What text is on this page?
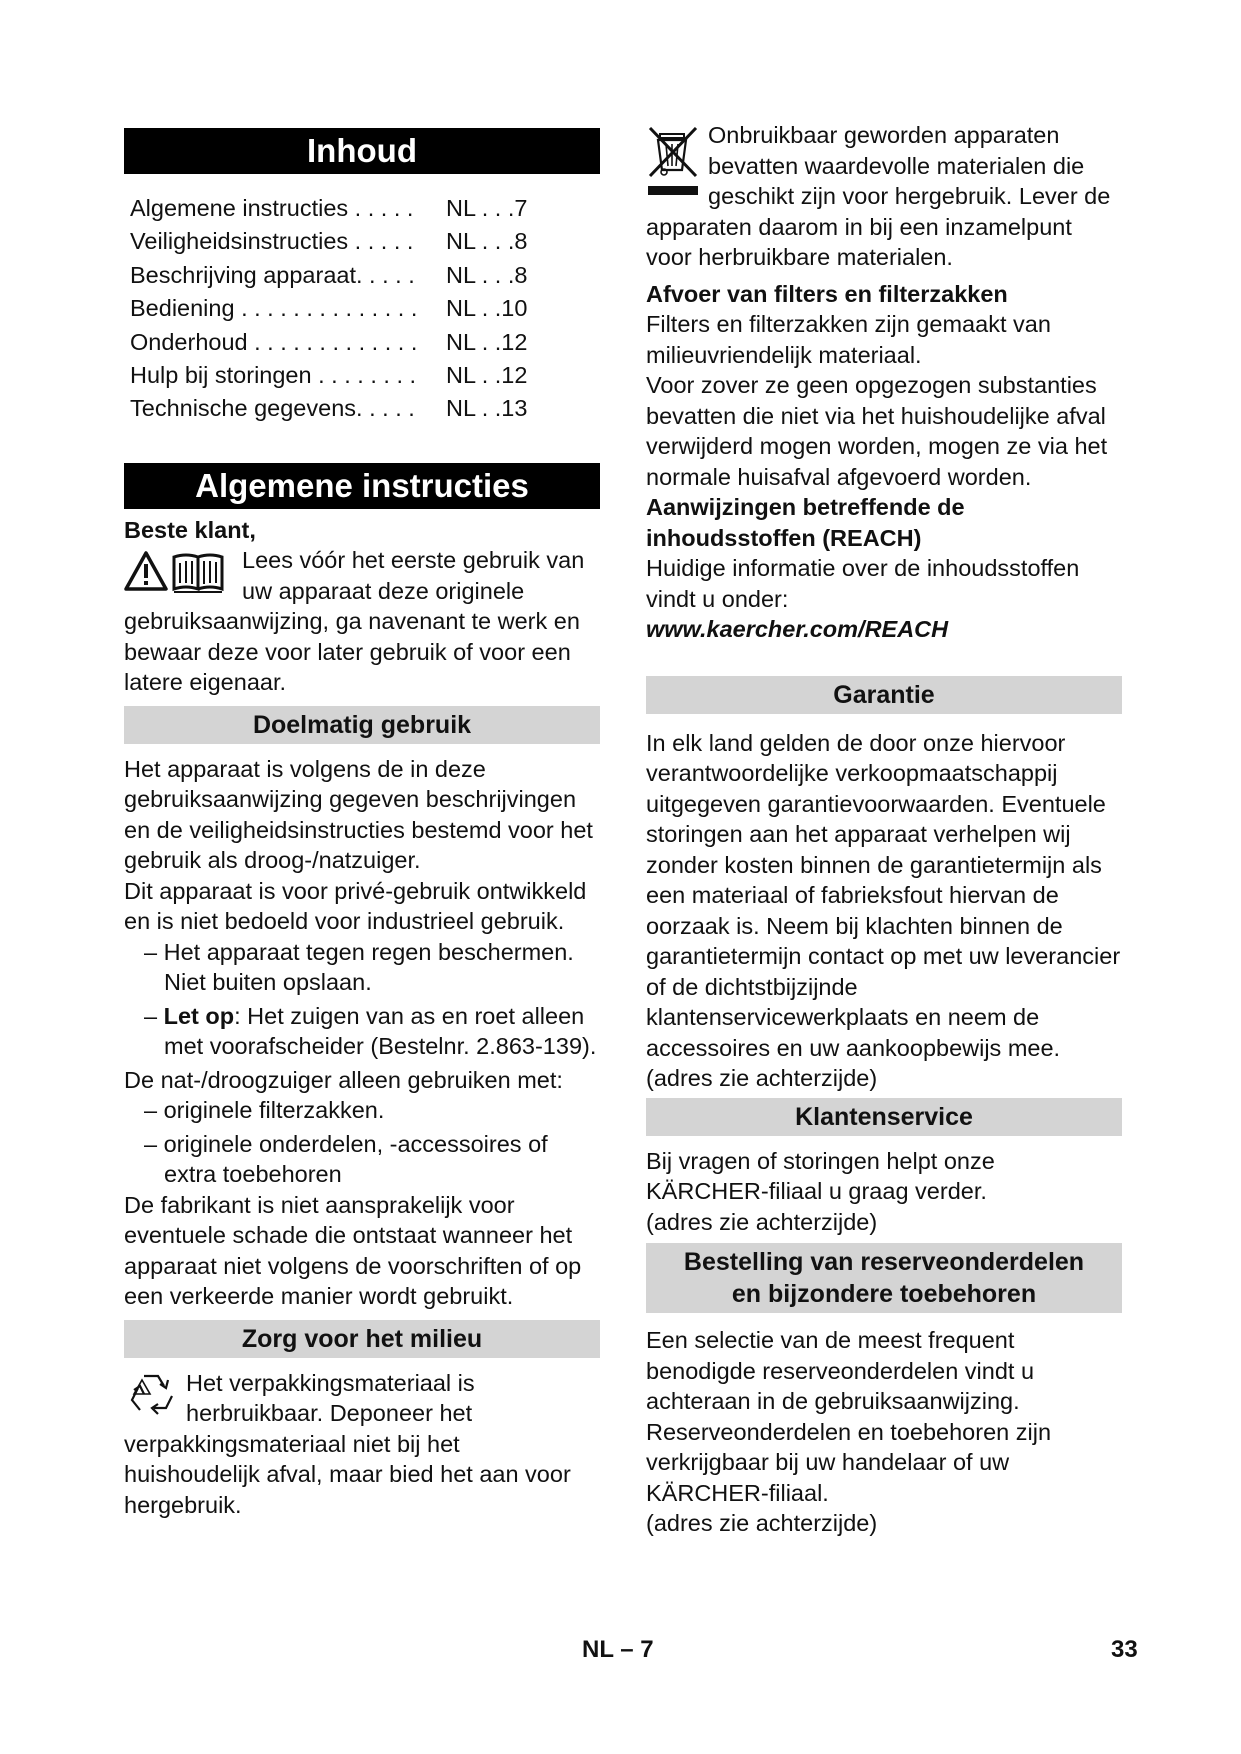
Inhoud
Algemene instructies . . . . .	NL . . .7
Veiligheidsinstructies . . . . .	NL . . .8
Beschrijving apparaat. . . . .	NL . . .8
Bediening . . . . . . . . . . . . . .	NL . .10
Onderhoud . . . . . . . . . . . . .	NL . .12
Hulp bij storingen . . . . . . . .	NL . .12
Technische gegevens. . . . .	NL . .13
Algemene instructies

Beste klant,

Lees vóór het eerste gebruik van uw apparaat deze originele gebruiksaanwijzing, ga navenant te werk en bewaar deze voor later gebruik of voor een latere eigenaar.

Doelmatig gebruik

Het apparaat is volgens de in deze gebruiksaanwijzing gegeven beschrijvingen en de veiligheidsinstructies bestemd voor het gebruik als droog-/natzuiger.

Dit apparaat is voor privé-gebruik ontwikkeld en is niet bedoeld voor industrieel gebruik.

– Het apparaat tegen regen beschermen. Niet buiten opslaan.

– Let op: Het zuigen van as en roet alleen met voorafscheider (Bestelnr. 2.863-139).

De nat-/droogzuiger alleen gebruiken met:

– originele filterzakken.

– originele onderdelen, -accessoires of extra toebehoren

De fabrikant is niet aansprakelijk voor eventuele schade die ontstaat wanneer het apparaat niet volgens de voorschriften of op een verkeerde manier wordt gebruikt.

Zorg voor het milieu

Het verpakkingsmateriaal is herbruikbaar. Deponeer het verpakkingsmateriaal niet bij het huishoudelijk afval, maar bied het aan voor hergebruik.

Onbruikbaar geworden apparaten bevatten waardevolle materialen die geschikt zijn voor hergebruik. Lever de apparaten daarom in bij een inzamelpunt voor herbruikbare materialen.

Afvoer van filters en filterzakken

Filters en filterzakken zijn gemaakt van milieuvriendelijk materiaal.

Voor zover ze geen opgezogen substanties bevatten die niet via het huishoudelijke afval verwijderd mogen worden, mogen ze via het normale huisafval afgevoerd worden.

Aanwijzingen betreffende de inhoudsstoffen (REACH)

Huidige informatie over de inhoudsstoffen vindt u onder:

www.kaercher.com/REACH

Garantie

In elk land gelden de door onze hiervoor verantwoordelijke verkoopmaatschappij uitgegeven garantievoorwaarden. Eventuele storingen aan het apparaat verhelpen wij zonder kosten binnen de garantietermijn als een materiaal of fabrieksfout hiervan de oorzaak is. Neem bij klachten binnen de garantietermijn contact op met uw leverancier of de dichtstbijzijnde klantenservicewerkplaats en neem de accessoires en uw aankoopbewijs mee.

(adres zie achterzijde)

Klantenservice

Bij vragen of storingen helpt onze KÄRCHER-filiaal u graag verder.

(adres zie achterzijde)

Bestelling van reserveonderdelen
en bijzondere toebehoren

Een selectie van de meest frequent benodigde reserveonderdelen vindt u achteraan in de gebruiksaanwijzing.

Reserveonderdelen en toebehoren zijn verkrijgbaar bij uw handelaar of uw KÄRCHER-filiaal.

(adres zie achterzijde)

NL – 7	33
